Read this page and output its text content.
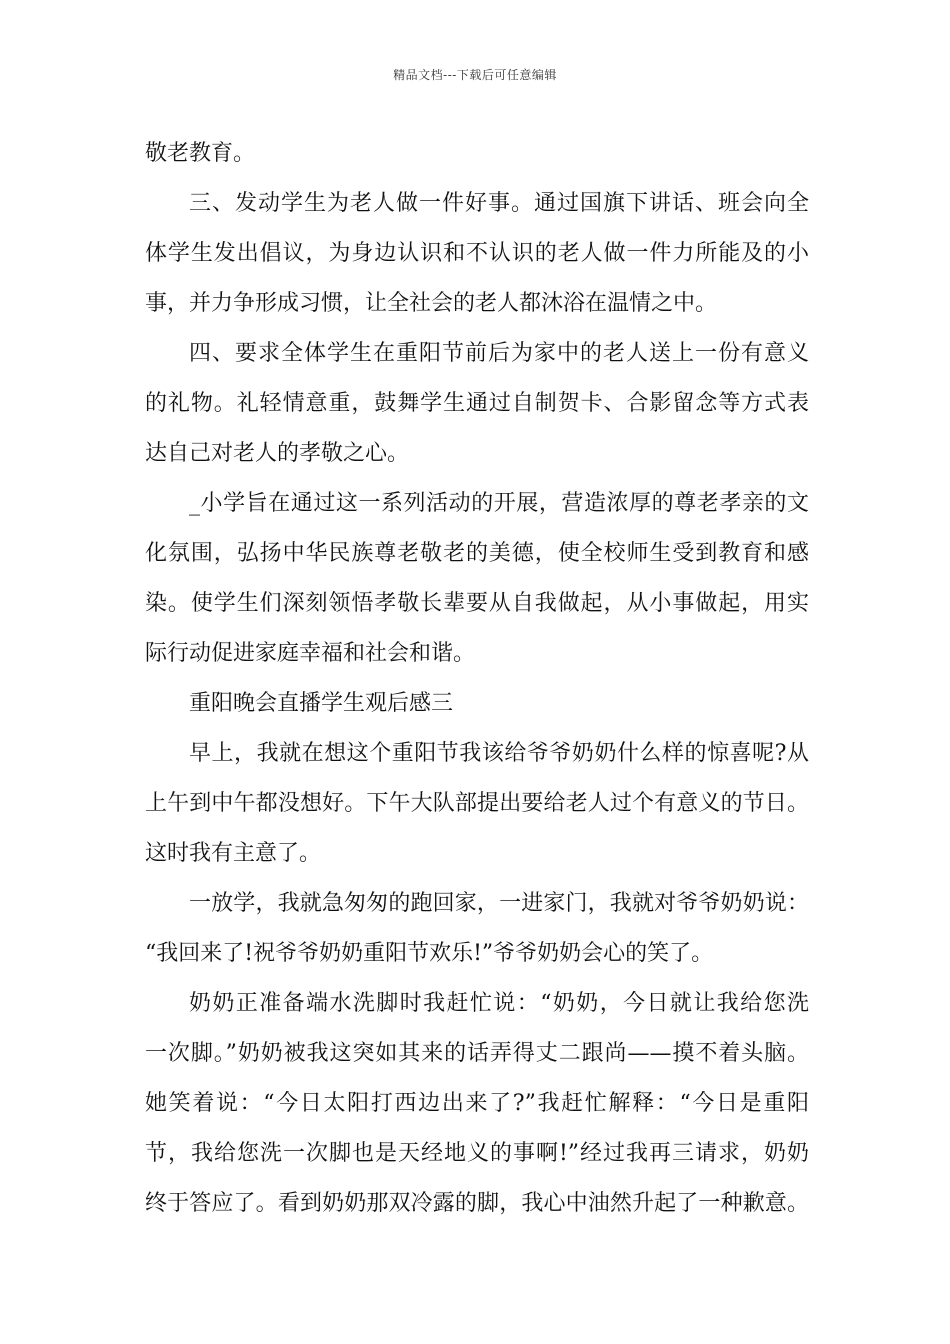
精品文档---下载后可任意编辑
敬老教育。
三、发动学生为老人做一件好事。通过国旗下讲话、班会向全
体学生发出倡议，为身边认识和不认识的老人做一件力所能及的小
事，并力争形成习惯，让全社会的老人都沐浴在温情之中。
四、要求全体学生在重阳节前后为家中的老人送上一份有意义
的礼物。礼轻情意重，鼓舞学生通过自制贺卡、合影留念等方式表
达自己对老人的孝敬之心。
_小学旨在通过这一系列活动的开展，营造浓厚的尊老孝亲的文
化氛围，弘扬中华民族尊老敬老的美德，使全校师生受到教育和感
染。使学生们深刻领悟孝敬长辈要从自我做起，从小事做起，用实
际行动促进家庭幸福和社会和谐。
重阳晚会直播学生观后感三
早上，我就在想这个重阳节我该给爷爷奶奶什么样的惊喜呢?从
上午到中午都没想好。下午大队部提出要给老人过个有意义的节日。
这时我有主意了。
一放学，我就急匆匆的跑回家，一进家门，我就对爷爷奶奶说：
“我回来了!祝爷爷奶奶重阳节欢乐!”爷爷奶奶会心的笑了。
奶奶正准备端水洗脚时我赶忙说：“奶奶，今日就让我给您洗
一次脚。”奶奶被我这突如其来的话弄得丈二跟尚——摸不着头脑。
她笑着说：“今日太阳打西边出来了?”我赶忙解释：“今日是重阳
节，我给您洗一次脚也是天经地义的事啊!”经过我再三请求，奶奶
终于答应了。看到奶奶那双冷露的脚，我心中油然升起了一种歉意。
